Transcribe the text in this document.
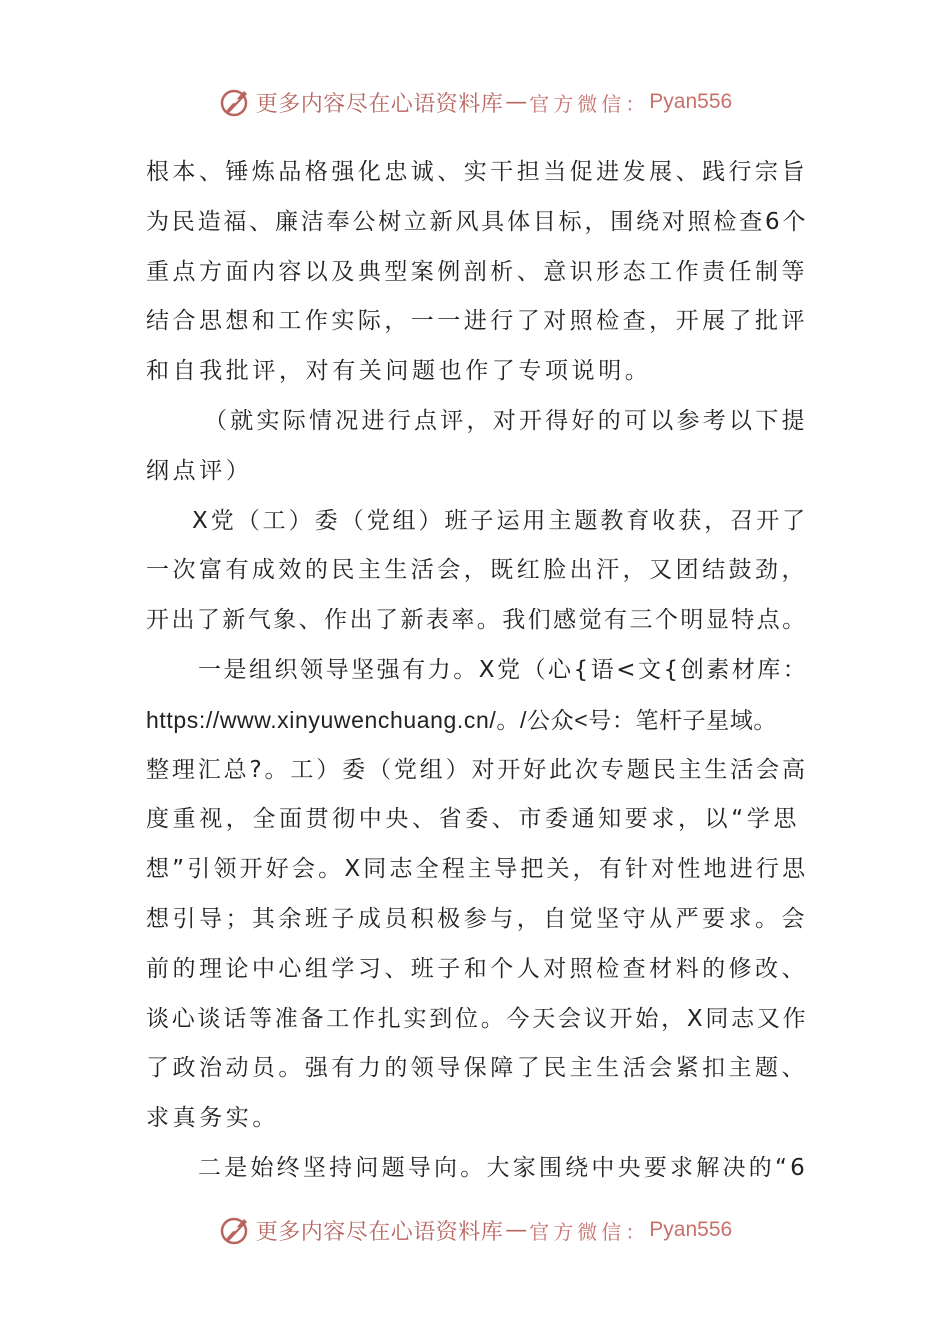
更多内容尽在心语资料库 — 官方微信： Pyan556
根本、锤炼品格强化忠诚、实干担当促进发展、践行宗旨
为民造福、廉洁奉公树立新风具体目标，围绕对照检查6个
重点方面内容以及典型案例剖析、意识形态工作责任制等
结合思想和工作实际，一一进行了对照检查，开展了批评
和自我批评，对有关问题也作了专项说明。
（就实际情况进行点评，对开得好的可以参考以下提
纲点评）
X党（工）委（党组）班子运用主题教育收获，召开了
一次富有成效的民主生活会，既红脸出汗，又团结鼓劲，
开出了新气象、作出了新表率。我们感觉有三个明显特点。
一是组织领导坚强有力。X党（心{语<文{创素材库：
https://www.xinyuwenchuang.cn/。/公众<号：笔杆子星域。
整理汇总?。工）委（党组）对开好此次专题民主生活会高
度重视，全面贯彻中央、省委、市委通知要求，以“学思
想”引领开好会。X同志全程主导把关，有针对性地进行思
想引导；其余班子成员积极参与，自觉坚守从严要求。会
前的理论中心组学习、班子和个人对照检查材料的修改、
谈心谈话等准备工作扎实到位。今天会议开始，X同志又作
了政治动员。强有力的领导保障了民主生活会紧扣主题、
求真务实。
二是始终坚持问题导向。大家围绕中央要求解决的“6
更多内容尽在心语资料库 — 官方微信： Pyan556
